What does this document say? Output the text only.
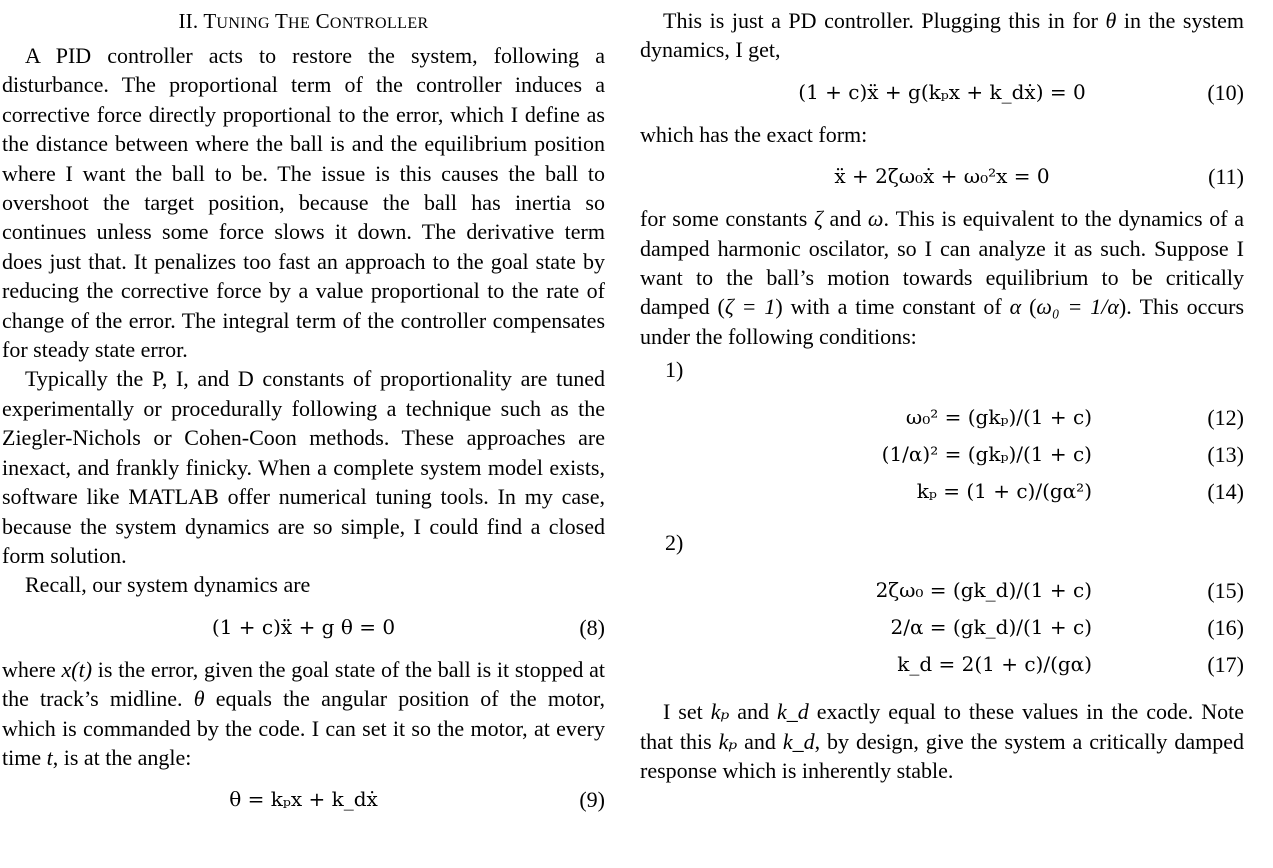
II. TUNING THE CONTROLLER

A PID controller acts to restore the system, following a disturbance. The proportional term of the controller induces a corrective force directly proportional to the error, which I define as the distance between where the ball is and the equilibrium position where I want the ball to be. The issue is this causes the ball to overshoot the target position, because the ball has inertia so continues unless some force slows it down. The derivative term does just that. It penalizes too fast an approach to the goal state by reducing the corrective force by a value proportional to the rate of change of the error. The integral term of the controller compensates for steady state error.

Typically the P, I, and D constants of proportionality are tuned experimentally or procedurally following a technique such as the Ziegler-Nichols or Cohen-Coon methods. These approaches are inexact, and frankly finicky. When a complete system model exists, software like MATLAB offer numerical tuning tools. In my case, because the system dynamics are so simple, I could find a closed form solution.

Recall, our system dynamics are

(1 + c)ẍ + g θ = 0	(8)

where x(t) is the error, given the goal state of the ball is it stopped at the track’s midline. θ equals the angular position of the motor, which is commanded by the code. I can set it so the motor, at every time t, is at the angle:

θ = kₚx + k_dẋ	(9)

This is just a PD controller. Plugging this in for θ in the system dynamics, I get,

(1 + c)ẍ + g(kₚx + k_dẋ) = 0	(10)

which has the exact form:

ẍ + 2ζω₀ẋ + ω₀²x = 0	(11)

for some constants ζ and ω. This is equivalent to the dynamics of a damped harmonic oscilator, so I can analyze it as such. Suppose I want to the ball’s motion towards equilibrium to be critically damped (ζ = 1) with a time constant of α (ω₀ = 1/α). This occurs under the following conditions:

1)
ω₀² = (gkₚ)/(1 + c)	(12)
(1/α)² = (gkₚ)/(1 + c)	(13)
kₚ = (1 + c)/(gα²)	(14)
2)
2ζω₀ = (gk_d)/(1 + c)	(15)
2/α = (gk_d)/(1 + c)	(16)
k_d = 2(1 + c)/(gα)	(17)

I set kₚ and k_d exactly equal to these values in the code. Note that this kₚ and k_d, by design, give the system a critically damped response which is inherently stable.
